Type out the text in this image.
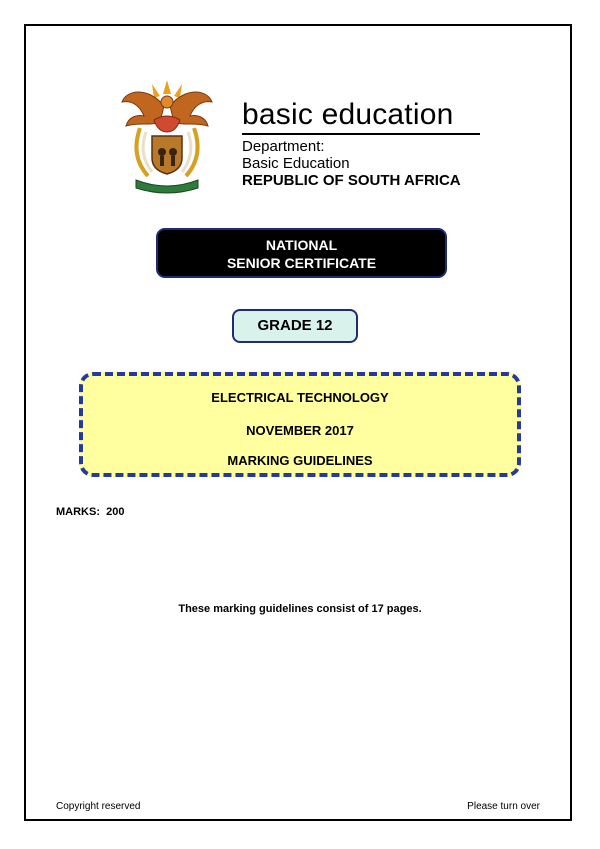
basic education
Department:
Basic Education
REPUBLIC OF SOUTH AFRICA
NATIONAL
SENIOR CERTIFICATE
GRADE 12
ELECTRICAL TECHNOLOGY
NOVEMBER 2017
MARKING GUIDELINES
MARKS:  200
These marking guidelines consist of 17 pages.
Copyright reserved	Please turn over
